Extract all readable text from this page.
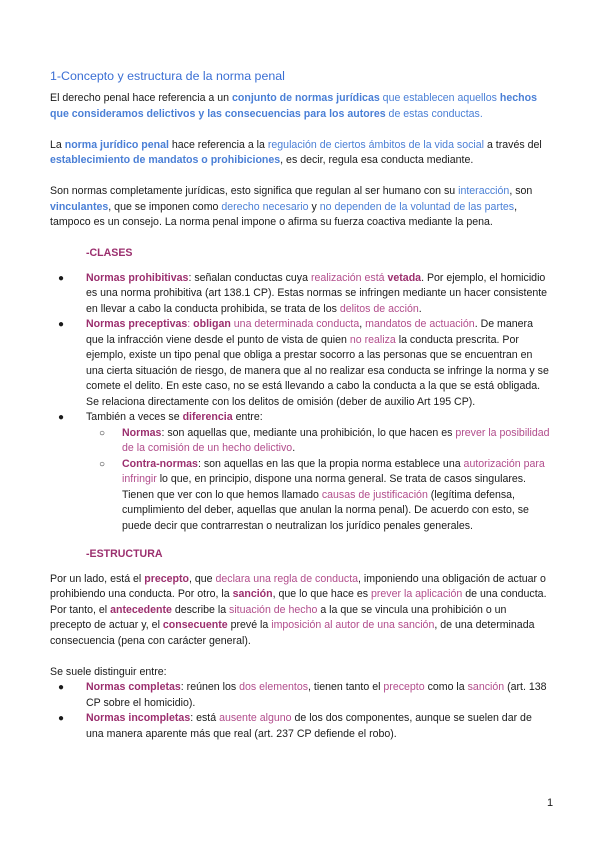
1-Concepto y estructura de la norma penal

El derecho penal hace referencia a un conjunto de normas jurídicas que establecen aquellos hechos que consideramos delictivos y las consecuencias para los autores de estas conductas.

La norma jurídico penal hace referencia a la regulación de ciertos ámbitos de la vida social a través del establecimiento de mandatos o prohibiciones, es decir, regula esa conducta mediante.

Son normas completamente jurídicas, esto significa que regulan al ser humano con su interacción, son vinculantes, que se imponen como derecho necesario y no dependen de la voluntad de las partes, tampoco es un consejo. La norma penal impone o afirma su fuerza coactiva mediante la pena.

-CLASES
● Normas prohibitivas: señalan conductas cuya realización está vetada. Por ejemplo, el homicidio es una norma prohibitiva (art 138.1 CP). Estas normas se infringen mediante un hacer consistente en llevar a cabo la conducta prohibida, se trata de los delitos de acción.
● Normas preceptivas: obligan una determinada conducta, mandatos de actuación. De manera que la infracción viene desde el punto de vista de quien no realiza la conducta prescrita. Por ejemplo, existe un tipo penal que obliga a prestar socorro a las personas que se encuentran en una cierta situación de riesgo, de manera que al no realizar esa conducta se infringe la norma y se comete el delito. En este caso, no se está llevando a cabo la conducta a la que se está obligada. Se relaciona directamente con los delitos de omisión (deber de auxilio Art 195 CP).
● También a veces se diferencia entre:
○ Normas: son aquellas que, mediante una prohibición, lo que hacen es prever la posibilidad de la comisión de un hecho delictivo.
○ Contra-normas: son aquellas en las que la propia norma establece una autorización para infringir lo que, en principio, dispone una norma general. Se trata de casos singulares. Tienen que ver con lo que hemos llamado causas de justificación (legítima defensa, cumplimiento del deber, aquellas que anulan la norma penal). De acuerdo con esto, se puede decir que contrarrestan o neutralizan los jurídico penales generales.
-ESTRUCTURA

Por un lado, está el precepto, que declara una regla de conducta, imponiendo una obligación de actuar o prohibiendo una conducta. Por otro, la sanción, que lo que hace es prever la aplicación de una conducta. Por tanto, el antecedente describe la situación de hecho a la que se vincula una prohibición o un precepto de actuar y, el consecuente prevé la imposición al autor de una sanción, de una determinada consecuencia (pena con carácter general).

Se suele distinguir entre:

● Normas completas: reúnen los dos elementos, tienen tanto el precepto como la sanción (art. 138 CP sobre el homicidio).
● Normas incompletas: está ausente alguno de los dos componentes, aunque se suelen dar de una manera aparente más que real (art. 237 CP defiende el robo).
1
